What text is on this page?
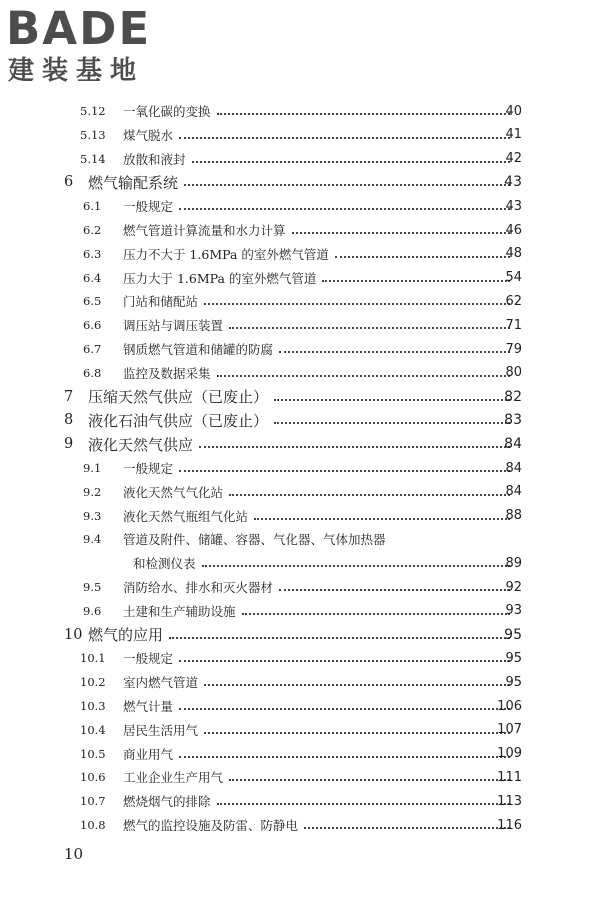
BADE
建装基地
5.12 一氧化碳的变换	40
5.13 煤气脱水	41
5.14 放散和液封	42
6 燃气输配系统	43
6.1 一般规定	43
6.2 燃气管道计算流量和水力计算	46
6.3 压力不大于 1.6MPa 的室外燃气管道	48
6.4 压力大于 1.6MPa 的室外燃气管道	54
6.5 门站和储配站	62
6.6 调压站与调压装置	71
6.7 钢质燃气管道和储罐的防腐	79
6.8 监控及数据采集	80
7 压缩天然气供应（已废止）	82
8 液化石油气供应（已废止）	83
9 液化天然气供应	84
9.1 一般规定	84
9.2 液化天然气气化站	84
9.3 液化天然气瓶组气化站	88
9.4 管道及附件、储罐、容器、气化器、气体加热器
和检测仪表	89
9.5 消防给水、排水和灭火器材	92
9.6 土建和生产辅助设施	93
10 燃气的应用	95
10.1 一般规定	95
10.2 室内燃气管道	95
10.3 燃气计量	106
10.4 居民生活用气	107
10.5 商业用气	109
10.6 工业企业生产用气	111
10.7 燃烧烟气的排除	113
10.8 燃气的监控设施及防雷、防静电	116
10
